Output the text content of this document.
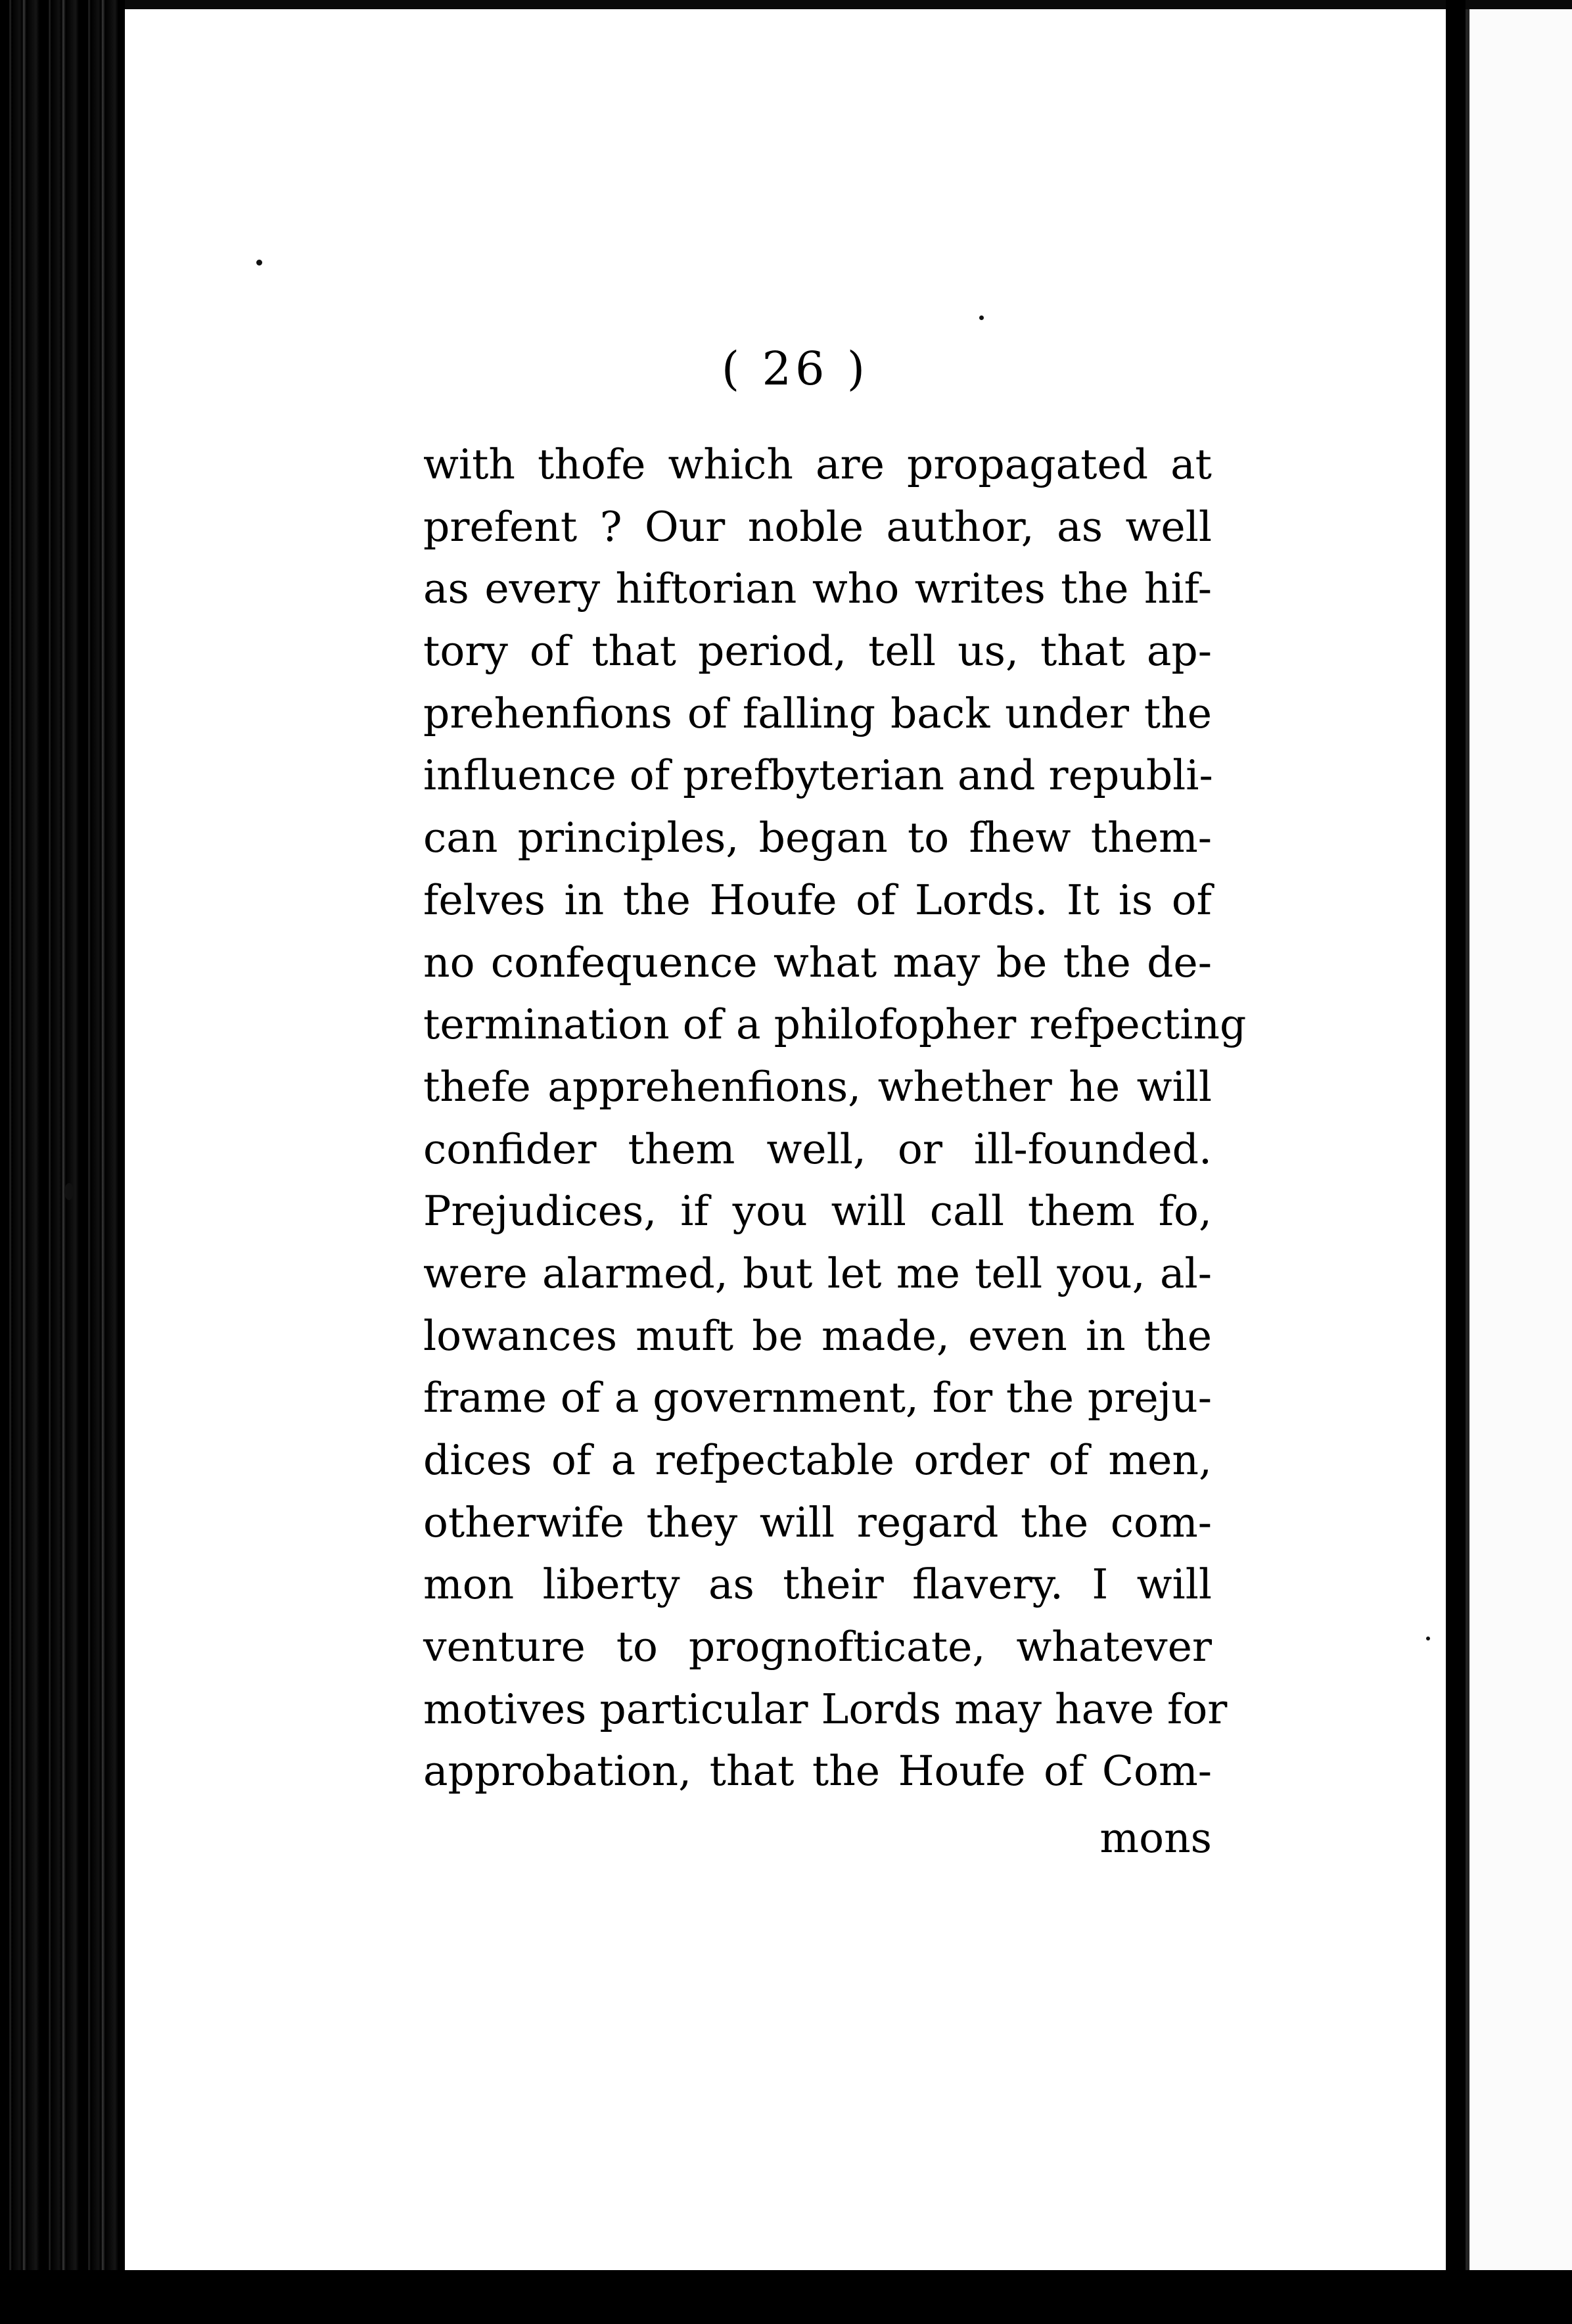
( 26 )
with thofe which are propagated at
prefent ? Our noble author, as well
as every hiftorian who writes the hif-
tory of that period, tell us, that ap-
prehenfions of falling back under the
influence of prefbyterian and republi-
can principles, began to fhew them-
felves in the Houfe of Lords. It is of
no confequence what may be the de-
termination of a philofopher refpecting
thefe apprehenfions, whether he will
confider them well, or ill-founded.
Prejudices, if you will call them fo,
were alarmed, but let me tell you, al-
lowances muft be made, even in the
frame of a government, for the preju-
dices of a refpectable order of men,
otherwife they will regard the com-
mon liberty as their flavery. I will
venture to prognofticate, whatever
motives particular Lords may have for
approbation, that the Houfe of Com-
mons
